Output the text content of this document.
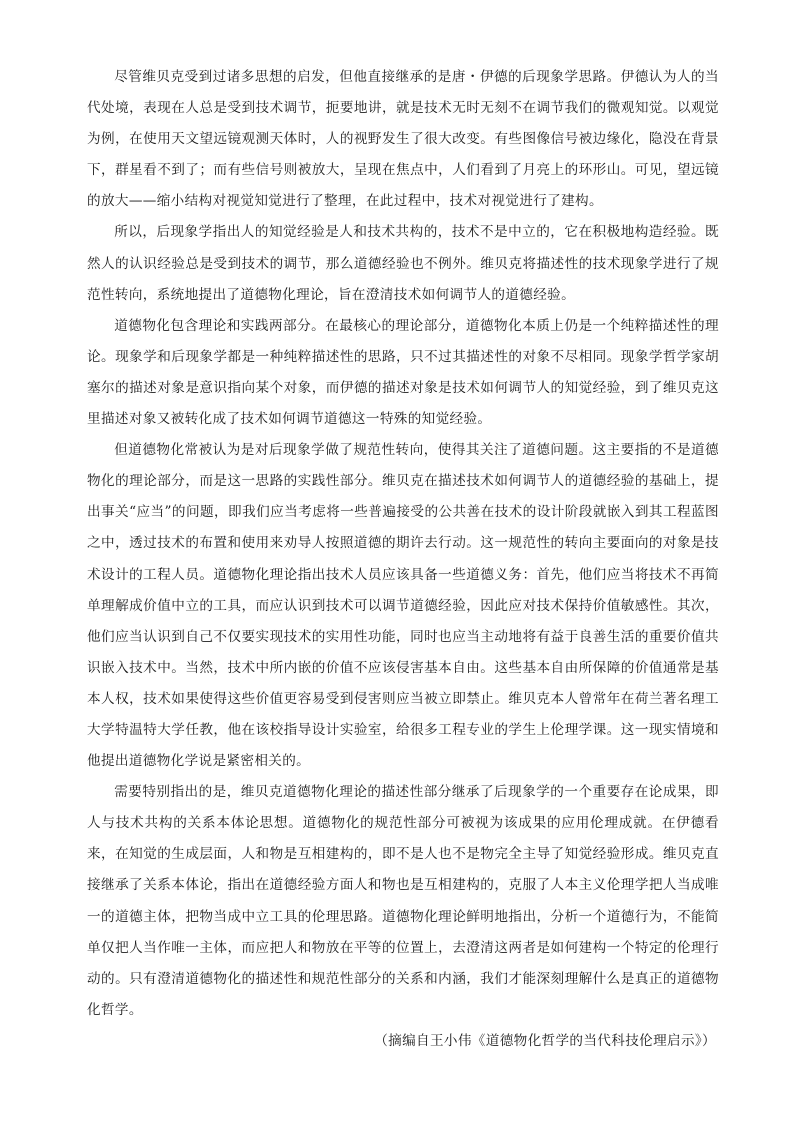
尽管维贝克受到过诸多思想的启发，但他直接继承的是唐・伊德的后现象学思路。伊德认为人的当代处境，表现在人总是受到技术调节，扼要地讲，就是技术无时无刻不在调节我们的微观知觉。以观觉为例，在使用天文望远镜观测天体时，人的视野发生了很大改变。有些图像信号被边缘化，隐没在背景下，群星看不到了；而有些信号则被放大，呈现在焦点中，人们看到了月亮上的环形山。可见，望远镜的放大——缩小结构对视觉知觉进行了整理，在此过程中，技术对视觉进行了建构。

所以，后现象学指出人的知觉经验是人和技术共构的，技术不是中立的，它在积极地构造经验。既然人的认识经验总是受到技术的调节，那么道德经验也不例外。维贝克将描述性的技术现象学进行了规范性转向，系统地提出了道德物化理论，旨在澄清技术如何调节人的道德经验。

道德物化包含理论和实践两部分。在最核心的理论部分，道德物化本质上仍是一个纯粹描述性的理论。现象学和后现象学都是一种纯粹描述性的思路，只不过其描述性的对象不尽相同。现象学哲学家胡塞尔的描述对象是意识指向某个对象，而伊德的描述对象是技术如何调节人的知觉经验，到了维贝克这里描述对象又被转化成了技术如何调节道德这一特殊的知觉经验。

但道德物化常被认为是对后现象学做了规范性转向，使得其关注了道德问题。这主要指的不是道德物化的理论部分，而是这一思路的实践性部分。维贝克在描述技术如何调节人的道德经验的基础上，提出事关“应当”的问题，即我们应当考虑将一些普遍接受的公共善在技术的设计阶段就嵌入到其工程蓝图之中，透过技术的布置和使用来劝导人按照道德的期许去行动。这一规范性的转向主要面向的对象是技术设计的工程人员。道德物化理论指出技术人员应该具备一些道德义务：首先，他们应当将技术不再简单理解成价值中立的工具，而应认识到技术可以调节道德经验，因此应对技术保持价值敏感性。其次，他们应当认识到自己不仅要实现技术的实用性功能，同时也应当主动地将有益于良善生活的重要价值共识嵌入技术中。当然，技术中所内嵌的价值不应该侵害基本自由。这些基本自由所保障的价值通常是基本人权，技术如果使得这些价值更容易受到侵害则应当被立即禁止。维贝克本人曾常年在荷兰著名理工大学特温特大学任教，他在该校指导设计实验室，给很多工程专业的学生上伦理学课。这一现实情境和他提出道德物化学说是紧密相关的。

需要特别指出的是，维贝克道德物化理论的描述性部分继承了后现象学的一个重要存在论成果，即人与技术共构的关系本体论思想。道德物化的规范性部分可被视为该成果的应用伦理成就。在伊德看来，在知觉的生成层面，人和物是互相建构的，即不是人也不是物完全主导了知觉经验形成。维贝克直接继承了关系本体论，指出在道德经验方面人和物也是互相建构的，克服了人本主义伦理学把人当成唯一的道德主体，把物当成中立工具的伦理思路。道德物化理论鲜明地指出，分析一个道德行为，不能简单仅把人当作唯一主体，而应把人和物放在平等的位置上，去澄清这两者是如何建构一个特定的伦理行动的。只有澄清道德物化的描述性和规范性部分的关系和内涵，我们才能深刻理解什么是真正的道德物化哲学。

（摘编自王小伟《道德物化哲学的当代科技伦理启示》）
